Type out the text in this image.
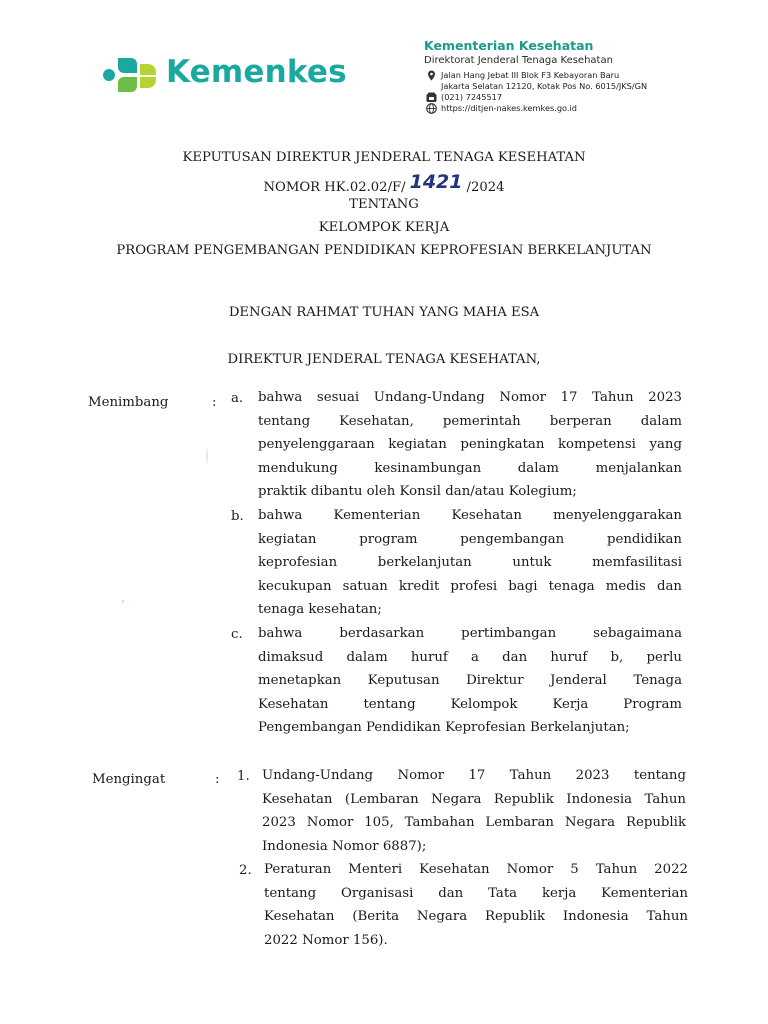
Kemenkes
Kementerian Kesehatan
Direktorat Jenderal Tenaga Kesehatan
Jalan Hang Jebat III Blok F3 Kebayoran Baru
Jakarta Selatan 12120, Kotak Pos No. 6015/JKS/GN
(021) 7245517
https://ditjen-nakes.kemkes.go.id
KEPUTUSAN DIREKTUR JENDERAL TENAGA KESEHATAN
NOMOR HK.02.02/F/ 1421 /2024
TENTANG
KELOMPOK KERJA
PROGRAM PENGEMBANGAN PENDIDIKAN KEPROFESIAN BERKELANJUTAN
DENGAN RAHMAT TUHAN YANG MAHA ESA
DIREKTUR JENDERAL TENAGA KESEHATAN,
Menimbang	: a. bahwa sesuai Undang-Undang Nomor 17 Tahun 2023
tentang Kesehatan, pemerintah berperan dalam
penyelenggaraan kegiatan peningkatan kompetensi yang
mendukung kesinambungan dalam menjalankan
praktik dibantu oleh Konsil dan/atau Kolegium;
b. bahwa Kementerian Kesehatan menyelenggarakan
kegiatan program pengembangan pendidikan
keprofesian berkelanjutan untuk memfasilitasi
kecukupan satuan kredit profesi bagi tenaga medis dan
tenaga kesehatan;
c. bahwa berdasarkan pertimbangan sebagaimana
dimaksud dalam huruf a dan huruf b, perlu
menetapkan Keputusan Direktur Jenderal Tenaga
Kesehatan tentang Kelompok Kerja Program
Pengembangan Pendidikan Keprofesian Berkelanjutan;
Mengingat	: 1. Undang-Undang Nomor 17 Tahun 2023 tentang
Kesehatan (Lembaran Negara Republik Indonesia Tahun
2023 Nomor 105, Tambahan Lembaran Negara Republik
Indonesia Nomor 6887);
2. Peraturan Menteri Kesehatan Nomor 5 Tahun 2022
tentang Organisasi dan Tata kerja Kementerian
Kesehatan (Berita Negara Republik Indonesia Tahun
2022 Nomor 156).
